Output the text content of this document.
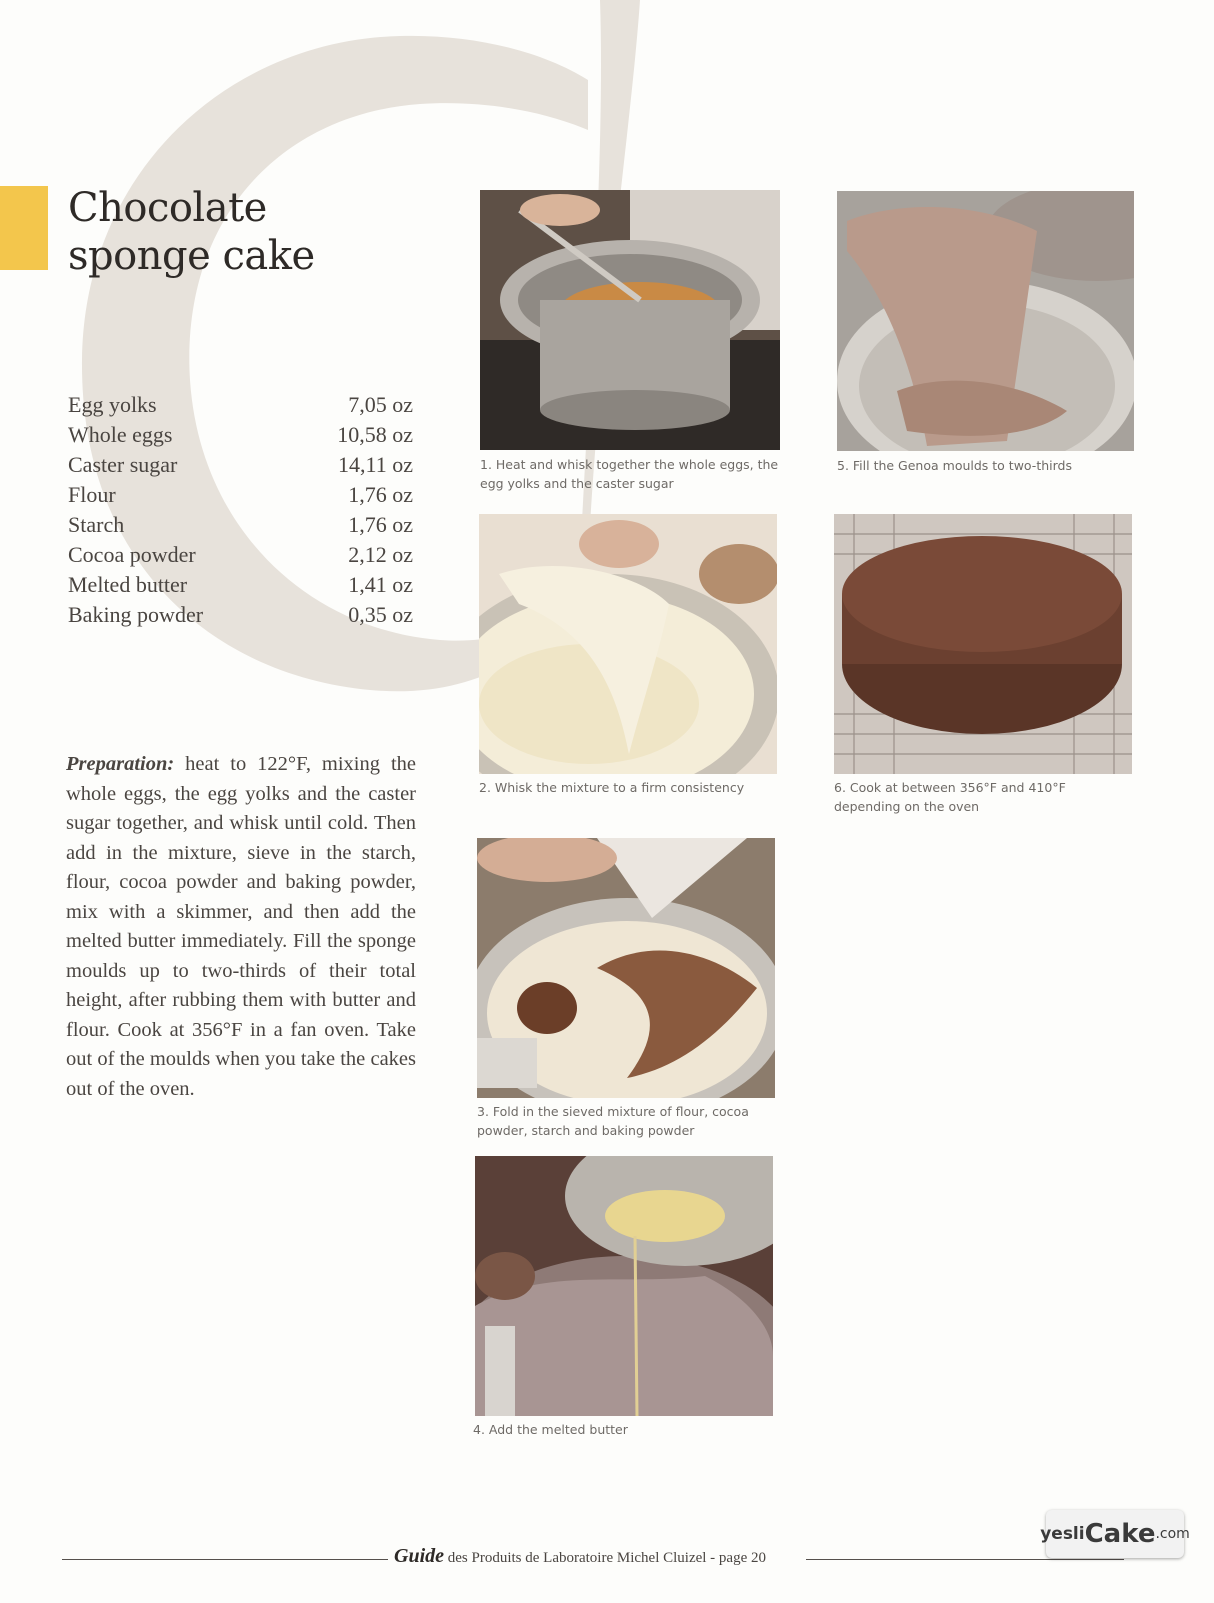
Chocolate
sponge cake
Egg yolks	7,05 oz
Whole eggs	10,58 oz
Caster sugar	14,11 oz
Flour	1,76 oz
Starch	1,76 oz
Cocoa powder	2,12 oz
Melted butter	1,41 oz
Baking powder	0,35 oz
Preparation: heat to 122°F, mixing the whole eggs, the egg yolks and the caster sugar together, and whisk until cold. Then add in the mixture, sieve in the starch, flour, cocoa powder and baking powder, mix with a skimmer, and then add the melted butter immediately. Fill the sponge moulds up to two-thirds of their total height, after rubbing them with butter and flour. Cook at 356°F in a fan oven. Take out of the moulds when you take the cakes out of the oven.
1. Heat and whisk together the whole eggs, the egg yolks and the caster sugar
2. Whisk the mixture to a firm consistency
3. Fold in the sieved mixture of flour, cocoa powder, starch and baking powder
4. Add the melted butter
5. Fill the Genoa moulds to two-thirds
6. Cook at between 356°F and 410°F depending on the oven
Guide des Produits de Laboratoire Michel Cluizel - page 20
yesli Cake .com
